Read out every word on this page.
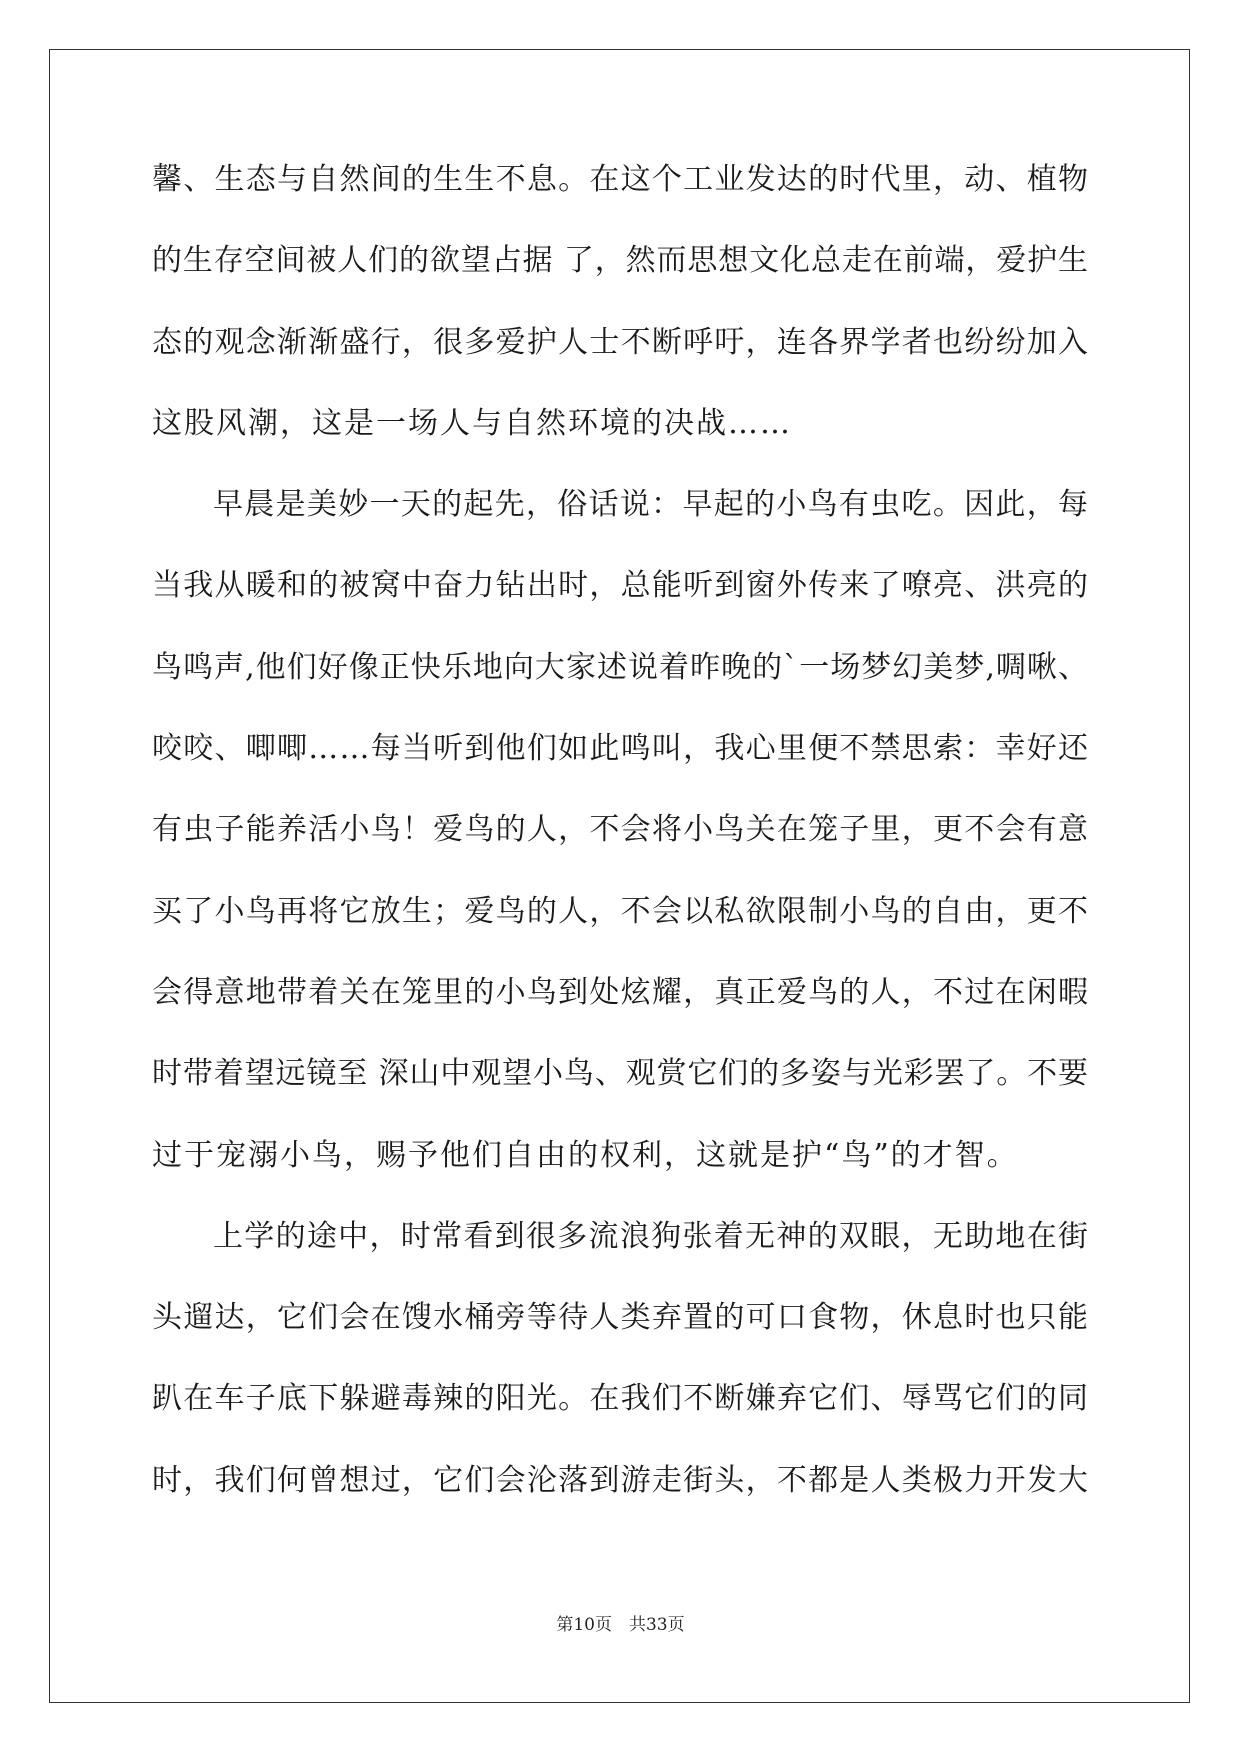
馨、生态与自然间的生生不息。在这个工业发达的时代里，动、植物
的生存空间被人们的欲望占据 了，然而思想文化总走在前端，爱护生
态的观念渐渐盛行，很多爱护人士不断呼吁，连各界学者也纷纷加入
这股风潮，这是一场人与自然环境的决战……
早晨是美妙一天的起先，俗话说：早起的小鸟有虫吃。因此，每
当我从暖和的被窝中奋力钻出时，总能听到窗外传来了嘹亮、洪亮的
鸟鸣声,他们好像正快乐地向大家述说着昨晚的`一场梦幻美梦,啁啾、
咬咬、唧唧……每当听到他们如此鸣叫，我心里便不禁思索：幸好还
有虫子能养活小鸟！爱鸟的人，不会将小鸟关在笼子里，更不会有意
买了小鸟再将它放生；爱鸟的人，不会以私欲限制小鸟的自由，更不
会得意地带着关在笼里的小鸟到处炫耀，真正爱鸟的人，不过在闲暇
时带着望远镜至 深山中观望小鸟、观赏它们的多姿与光彩罢了。不要
过于宠溺小鸟，赐予他们自由的权利，这就是护“鸟”的才智。
上学的途中，时常看到很多流浪狗张着无神的双眼，无助地在街
头遛达，它们会在馊水桶旁等待人类弃置的可口食物，休息时也只能
趴在车子底下躲避毒辣的阳光。在我们不断嫌弃它们、辱骂它们的同
时，我们何曾想过，它们会沦落到游走街头，不都是人类极力开发大
第10页　共33页
